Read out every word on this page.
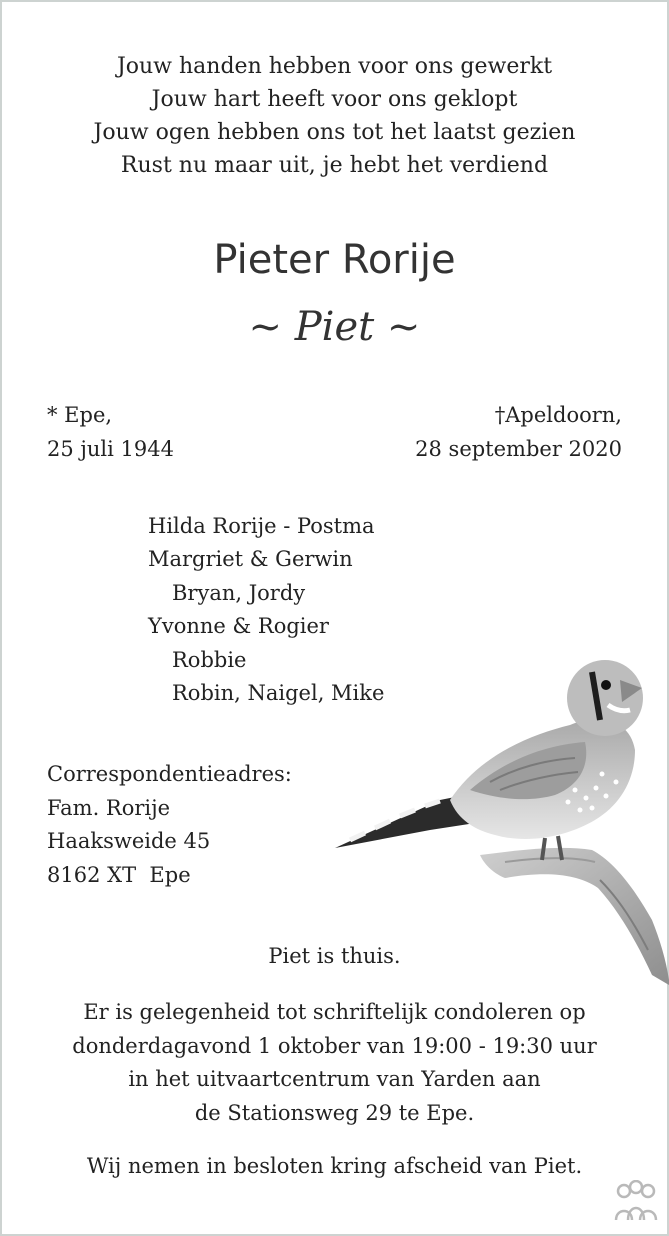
Jouw handen hebben voor ons gewerkt
Jouw hart heeft voor ons geklopt
Jouw ogen hebben ons tot het laatst gezien
Rust nu maar uit, je hebt het verdiend
Pieter Rorije
~ Piet ~
* Epe,
25 juli 1944
†Apeldoorn,
28 september 2020
Hilda Rorije - Postma
Margriet & Gerwin
Bryan, Jordy
Yvonne & Rogier
Robbie
Robin, Naigel, Mike
Correspondentieadres:
Fam. Rorije
Haaksweide 45
8162 XT  Epe
Piet is thuis.
Er is gelegenheid tot schriftelijk condoleren op
donderdagavond 1 oktober van 19:00 - 19:30 uur
in het uitvaartcentrum van Yarden aan
de Stationsweg 29 te Epe.
Wij nemen in besloten kring afscheid van Piet.
